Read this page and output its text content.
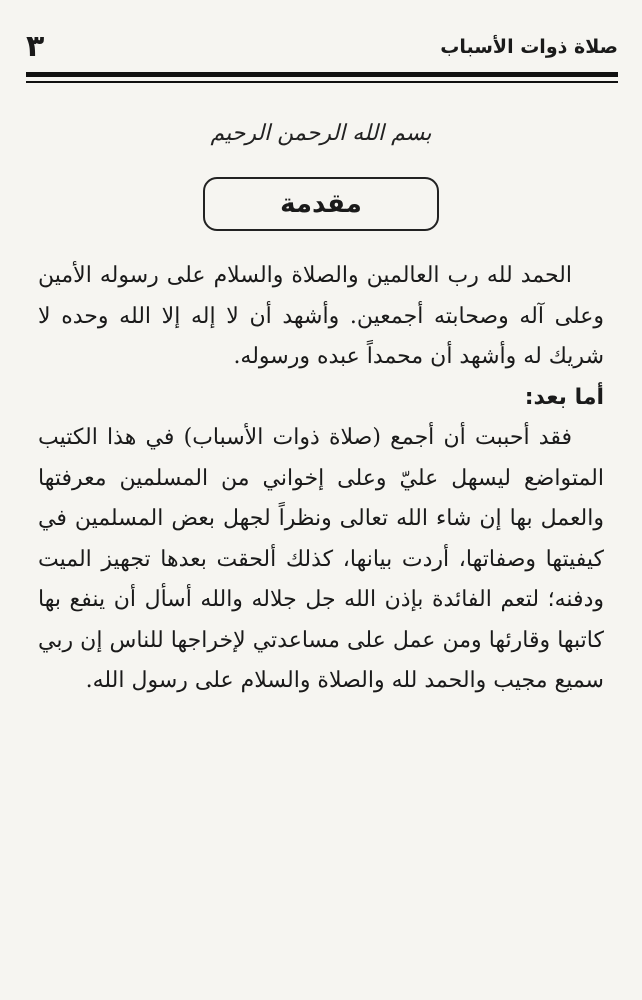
٣	صلاة ذوات الأسباب
بسم الله الرحمن الرحيم
مقدمة

الحمد لله رب العالمين والصلاة والسلام على رسوله الأمين وعلى آله وصحابته أجمعين. وأشهد أن لا إله إلا الله وحده لا شريك له وأشهد أن محمداً عبده ورسوله.

أما بعد:

فقد أحببت أن أجمع (صلاة ذوات الأسباب) في هذا الكتيب المتواضع ليسهل عليّ وعلى إخواني من المسلمين معرفتها والعمل بها إن شاء الله تعالى ونظراً لجهل بعض المسلمين في كيفيتها وصفاتها، أردت بيانها، كذلك ألحقت بعدها تجهيز الميت ودفنه؛ لتعم الفائدة بإذن الله جل جلاله والله أسأل أن ينفع بها كاتبها وقارئها ومن عمل على مساعدتي لإخراجها للناس إن ربي سميع مجيب والحمد لله والصلاة والسلام على رسول الله.
